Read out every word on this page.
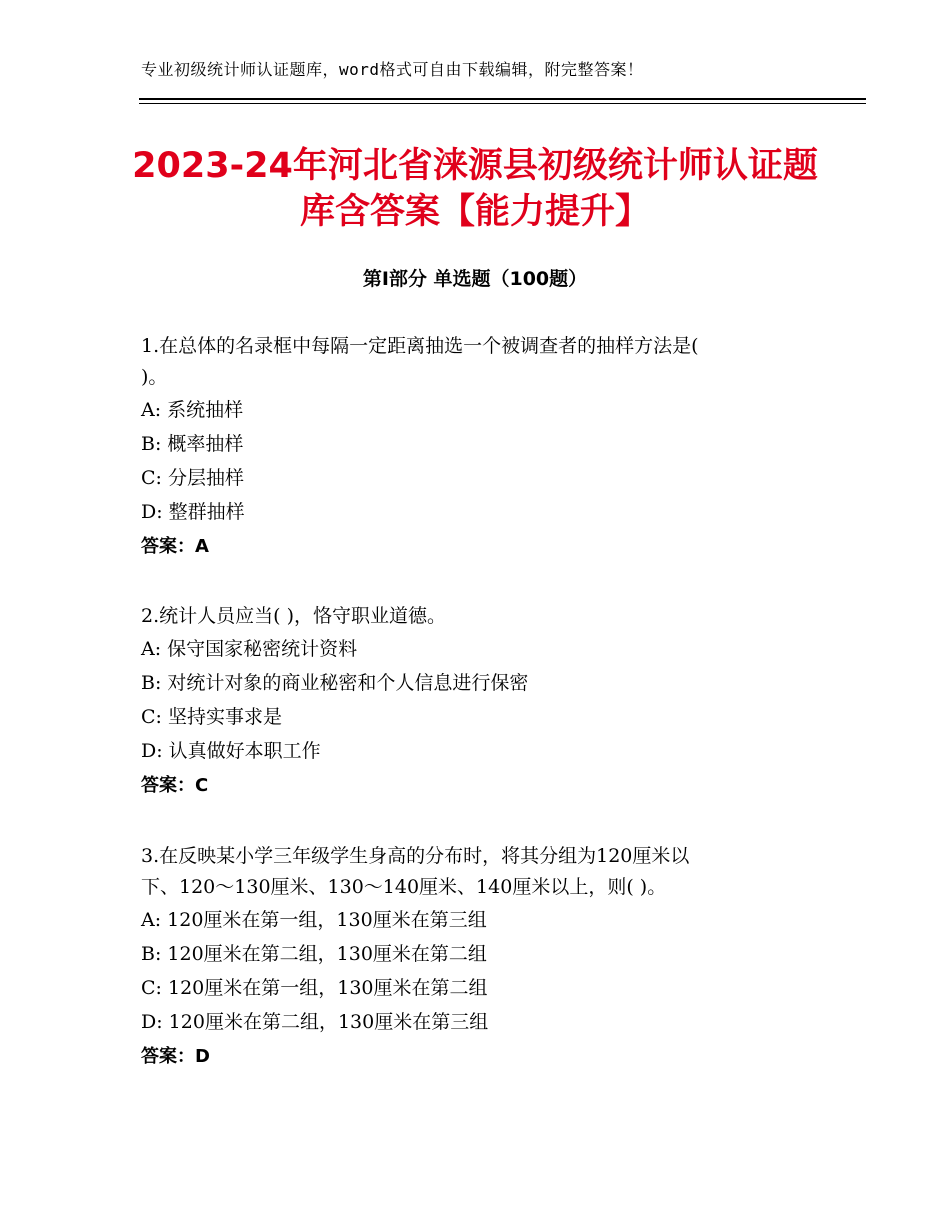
专业初级统计师认证题库，word格式可自由下载编辑，附完整答案！
2023-24年河北省涞源县初级统计师认证题
库含答案【能力提升】
第Ⅰ部分 单选题（100题）

1.在总体的名录框中每隔一定距离抽选一个被调查者的抽样方法是(

)。

A: 系统抽样

B: 概率抽样

C: 分层抽样

D: 整群抽样

答案：A

2.统计人员应当( )，恪守职业道德。

A: 保守国家秘密统计资料

B: 对统计对象的商业秘密和个人信息进行保密

C: 坚持实事求是

D: 认真做好本职工作

答案：C

3.在反映某小学三年级学生身高的分布时，将其分组为120厘米以

下、120～130厘米、130～140厘米、140厘米以上，则( )。

A: 120厘米在第一组，130厘米在第三组

B: 120厘米在第二组，130厘米在第二组

C: 120厘米在第一组，130厘米在第二组

D: 120厘米在第二组，130厘米在第三组

答案：D
